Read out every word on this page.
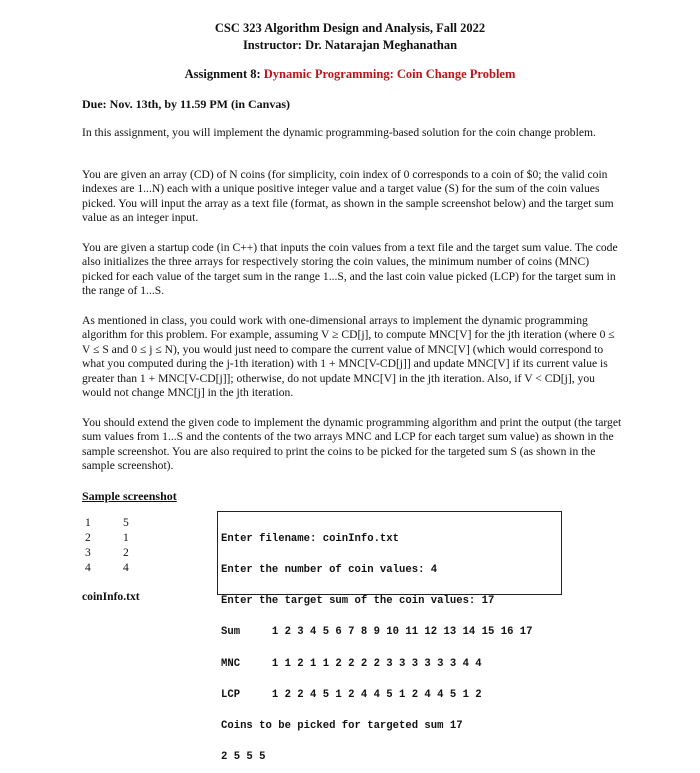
CSC 323 Algorithm Design and Analysis, Fall 2022
Instructor: Dr. Natarajan Meghanathan
Assignment 8: Dynamic Programming: Coin Change Problem
Due: Nov. 13th, by 11.59 PM (in Canvas)

In this assignment, you will implement the dynamic programming-based solution for the coin change problem.

You are given an array (CD) of N coins (for simplicity, coin index of 0 corresponds to a coin of $0; the valid coin indexes are 1...N) each with a unique positive integer value and a target value (S) for the sum of the coin values picked. You will input the array as a text file (format, as shown in the sample screenshot below) and the target sum value as an integer input.

You are given a startup code (in C++) that inputs the coin values from a text file and the target sum value. The code also initializes the three arrays for respectively storing the coin values, the minimum number of coins (MNC) picked for each value of the target sum in the range 1...S, and the last coin value picked (LCP) for the target sum in the range of 1...S.

As mentioned in class, you could work with one-dimensional arrays to implement the dynamic programming algorithm for this problem. For example, assuming V ≥ CD[j], to compute MNC[V] for the jth iteration (where 0 ≤ V ≤ S and 0 ≤ j ≤ N), you would just need to compare the current value of MNC[V] (which would correspond to what you computed during the j-1th iteration) with 1 + MNC[V-CD[j]] and update MNC[V] if its current value is greater than 1 + MNC[V-CD[j]]; otherwise, do not update MNC[V] in the jth iteration. Also, if V < CD[j], you would not change MNC[j] in the jth iteration.

You should extend the given code to implement the dynamic programming algorithm and print the output (the target sum values from 1...S and the contents of the two arrays MNC and LCP for each target sum value) as shown in the sample screenshot. You are also required to print the coins to be picked for the targeted sum S (as shown in the sample screenshot).

Sample screenshot
1	5
2	1
3	2
4	4
coinInfo.txt

Enter filename: coinInfo.txt

Enter the number of coin values: 4

Enter the target sum of the coin values: 17

Sum     1 2 3 4 5 6 7 8 9 10 11 12 13 14 15 16 17

MNC     1 1 2 1 1 2 2 2 2 3 3 3 3 3 3 4 4

LCP     1 2 2 4 5 1 2 4 4 5 1 2 4 4 5 1 2

Coins to be picked for targeted sum 17

2 5 5 5
